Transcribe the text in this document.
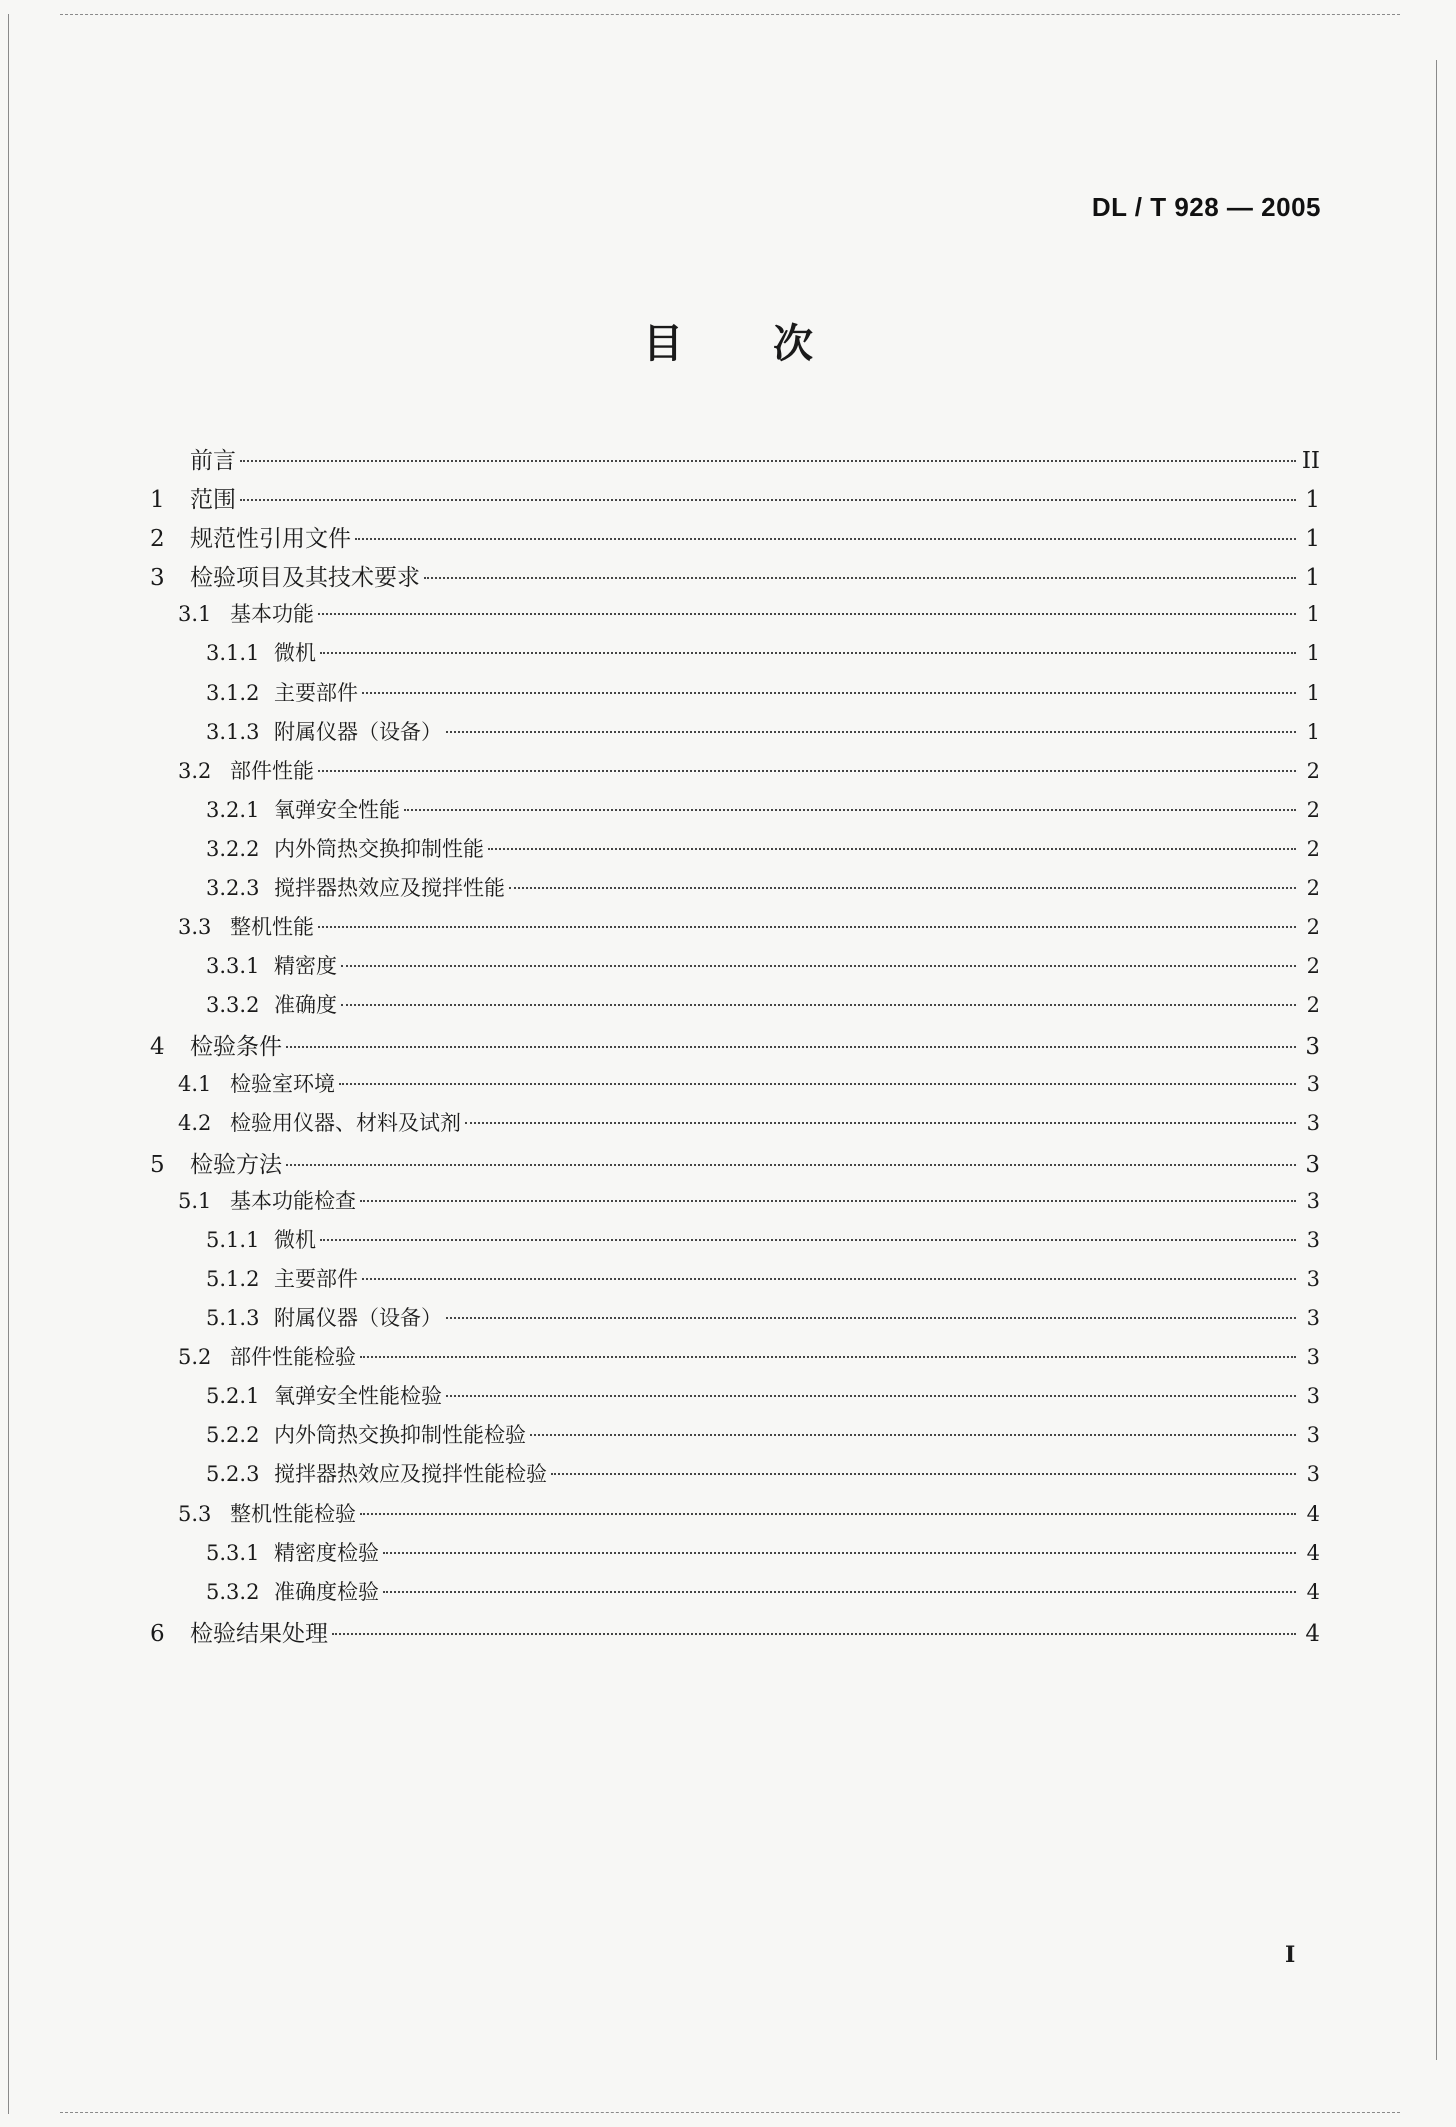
DL / T 928 — 2005
目次
前言	II
1	范围	1
2	规范性引用文件	1
3	检验项目及其技术要求	1
3.1 基本功能	1
3.1.1 微机	1
3.1.2 主要部件	1
3.1.3 附属仪器（设备）	1
3.2 部件性能	2
3.2.1 氧弹安全性能	2
3.2.2 内外筒热交换抑制性能	2
3.2.3 搅拌器热效应及搅拌性能	2
3.3 整机性能	2
3.3.1 精密度	2
3.3.2 准确度	2
4	检验条件	3
4.1 检验室环境	3
4.2 检验用仪器、材料及试剂	3
5	检验方法	3
5.1 基本功能检查	3
5.1.1 微机	3
5.1.2 主要部件	3
5.1.3 附属仪器（设备）	3
5.2 部件性能检验	3
5.2.1 氧弹安全性能检验	3
5.2.2 内外筒热交换抑制性能检验	3
5.2.3 搅拌器热效应及搅拌性能检验	3
5.3 整机性能检验	4
5.3.1 精密度检验	4
5.3.2 准确度检验	4
6	检验结果处理	4
I
